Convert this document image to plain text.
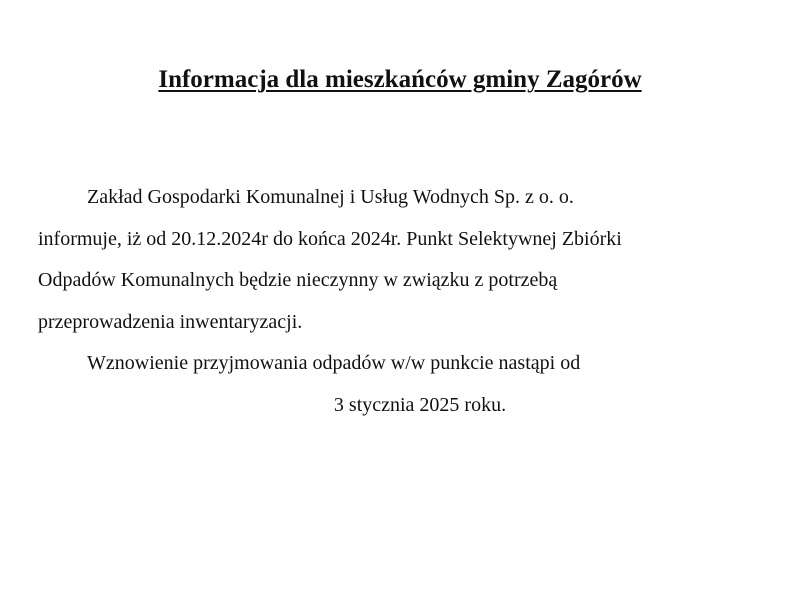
Informacja dla mieszkańców gminy Zagórów

Zakład Gospodarki Komunalnej i Usług Wodnych Sp. z o. o.

informuje, iż od 20.12.2024r do końca 2024r. Punkt Selektywnej Zbiórki

Odpadów Komunalnych będzie nieczynny w związku z potrzebą

przeprowadzenia inwentaryzacji.

Wznowienie przyjmowania odpadów w/w punkcie nastąpi od

3 stycznia 2025 roku.
